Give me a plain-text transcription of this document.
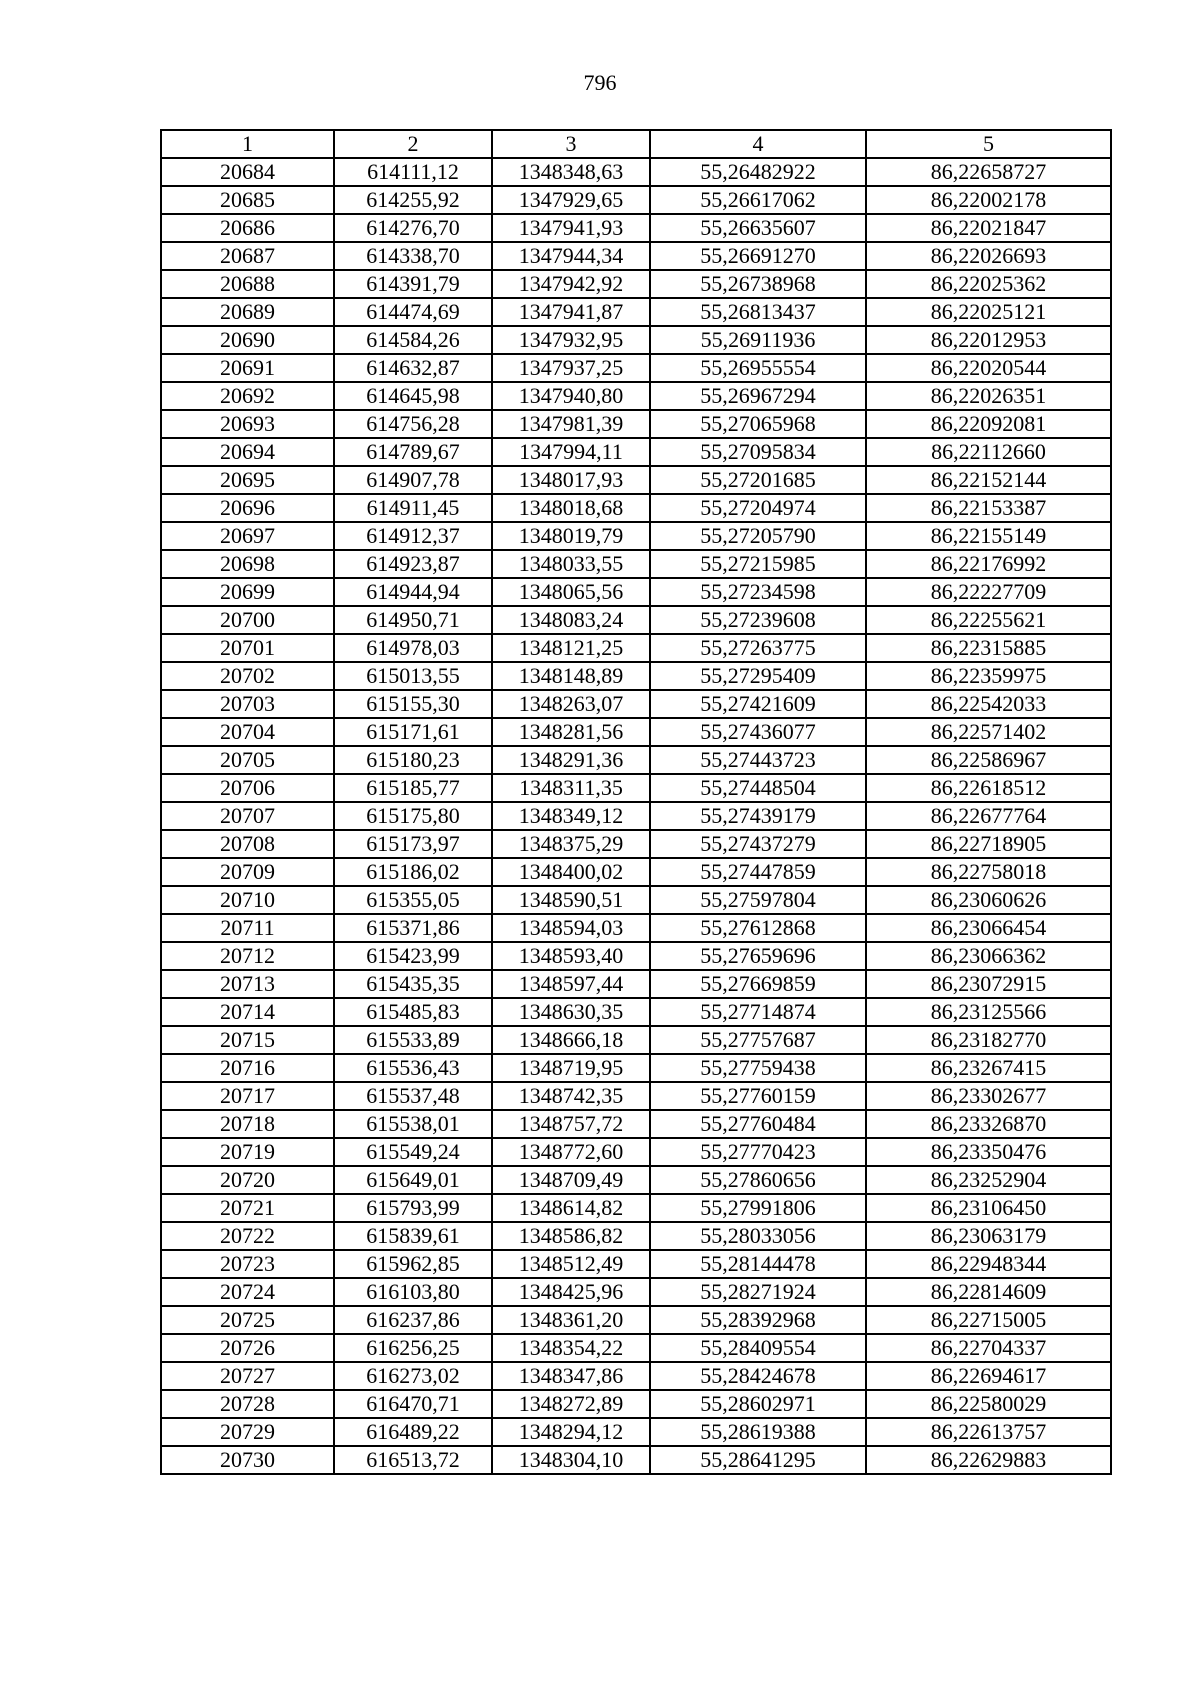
796
1	2	3	4	5
20684	614111,12	1348348,63	55,26482922	86,22658727
20685	614255,92	1347929,65	55,26617062	86,22002178
20686	614276,70	1347941,93	55,26635607	86,22021847
20687	614338,70	1347944,34	55,26691270	86,22026693
20688	614391,79	1347942,92	55,26738968	86,22025362
20689	614474,69	1347941,87	55,26813437	86,22025121
20690	614584,26	1347932,95	55,26911936	86,22012953
20691	614632,87	1347937,25	55,26955554	86,22020544
20692	614645,98	1347940,80	55,26967294	86,22026351
20693	614756,28	1347981,39	55,27065968	86,22092081
20694	614789,67	1347994,11	55,27095834	86,22112660
20695	614907,78	1348017,93	55,27201685	86,22152144
20696	614911,45	1348018,68	55,27204974	86,22153387
20697	614912,37	1348019,79	55,27205790	86,22155149
20698	614923,87	1348033,55	55,27215985	86,22176992
20699	614944,94	1348065,56	55,27234598	86,22227709
20700	614950,71	1348083,24	55,27239608	86,22255621
20701	614978,03	1348121,25	55,27263775	86,22315885
20702	615013,55	1348148,89	55,27295409	86,22359975
20703	615155,30	1348263,07	55,27421609	86,22542033
20704	615171,61	1348281,56	55,27436077	86,22571402
20705	615180,23	1348291,36	55,27443723	86,22586967
20706	615185,77	1348311,35	55,27448504	86,22618512
20707	615175,80	1348349,12	55,27439179	86,22677764
20708	615173,97	1348375,29	55,27437279	86,22718905
20709	615186,02	1348400,02	55,27447859	86,22758018
20710	615355,05	1348590,51	55,27597804	86,23060626
20711	615371,86	1348594,03	55,27612868	86,23066454
20712	615423,99	1348593,40	55,27659696	86,23066362
20713	615435,35	1348597,44	55,27669859	86,23072915
20714	615485,83	1348630,35	55,27714874	86,23125566
20715	615533,89	1348666,18	55,27757687	86,23182770
20716	615536,43	1348719,95	55,27759438	86,23267415
20717	615537,48	1348742,35	55,27760159	86,23302677
20718	615538,01	1348757,72	55,27760484	86,23326870
20719	615549,24	1348772,60	55,27770423	86,23350476
20720	615649,01	1348709,49	55,27860656	86,23252904
20721	615793,99	1348614,82	55,27991806	86,23106450
20722	615839,61	1348586,82	55,28033056	86,23063179
20723	615962,85	1348512,49	55,28144478	86,22948344
20724	616103,80	1348425,96	55,28271924	86,22814609
20725	616237,86	1348361,20	55,28392968	86,22715005
20726	616256,25	1348354,22	55,28409554	86,22704337
20727	616273,02	1348347,86	55,28424678	86,22694617
20728	616470,71	1348272,89	55,28602971	86,22580029
20729	616489,22	1348294,12	55,28619388	86,22613757
20730	616513,72	1348304,10	55,28641295	86,22629883
